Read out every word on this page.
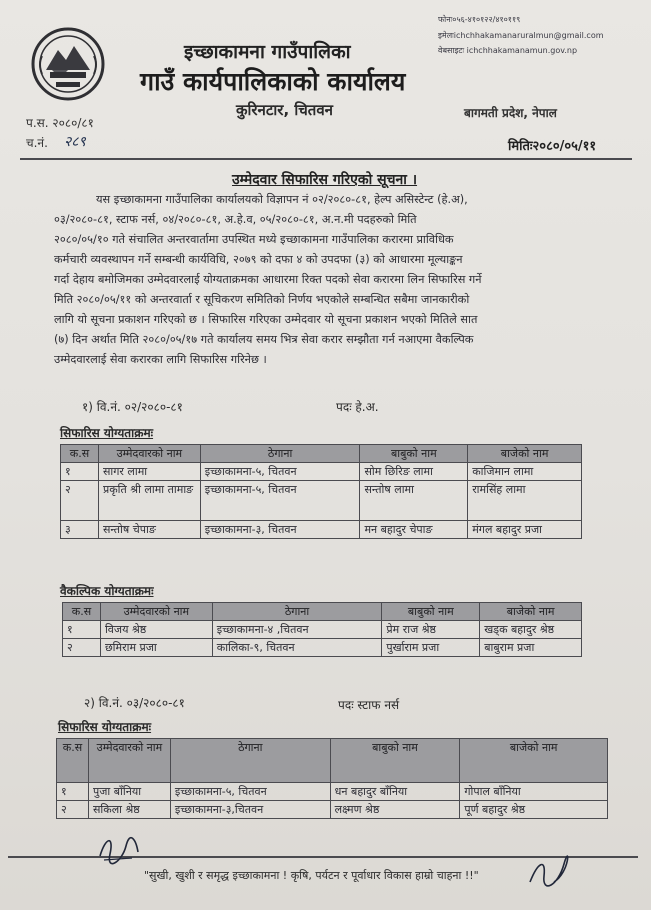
फोनः०५६-४१०१२२/४१०११९
इमेलःichchhakamanaruralmun@gmail.com
वेबसाइटः ichchhakamanamun.gov.np
इच्छाकामना गाउँपालिका
गाउँ कार्यपालिकाको कार्यालय
कुरिनटार, चितवन	बागमती प्रदेश, नेपाल
प.स. २०८०/८१
च.नं. २८९	मितिः२०८०/०५/११
उम्मेदवार सिफारिस गरिएको सूचना ।
यस इच्छाकामना गाउँपालिका कार्यालयको विज्ञापन नं ०२/२०८०-८१, हेल्प असिस्टेन्ट (हे.अ),
०३/२०८०-८१, स्टाफ नर्स, ०४/२०८०-८१, अ.हे.व, ०५/२०८०-८१, अ.न.मी पदहरुको मिति
२०८०/०५/१० गते संचालित अन्तरवार्तामा उपस्थित मध्ये इच्छाकामना गाउँपालिका करारमा प्राविधिक
कर्मचारी व्यवस्थापन गर्ने सम्बन्धी कार्यविधि, २०७९ को दफा ४ को उपदफा (३) को आधारमा मूल्याङ्कन
गर्दा देहाय बमोजिमका उम्मेदवारलाई योग्यताक्रमका आधारमा रिक्त पदको सेवा करारमा लिन सिफारिस गर्ने
मिति २०८०/०५/११ को अन्तरवार्ता र सूचिकरण समितिको निर्णय भएकोले सम्बन्धित सबैमा जानकारीको
लागि यो सूचना प्रकाशन गरिएको छ । सिफारिस गरिएका उम्मेदवार यो सूचना प्रकाशन भएको मितिले सात
(७) दिन अर्थात मिति २०८०/०५/१७ गते कार्यालय समय भित्र सेवा करार सम्झौता गर्न नआएमा वैकल्पिक
उम्मेदवारलाई सेवा करारका लागि सिफारिस गरिनेछ ।
१) वि.नं. ०२/२०८०-८१	पदः हे.अ.
सिफारिस योग्यताक्रमः
क.स	उम्मेदवारको नाम	ठेगाना	बाबुको नाम	बाजेको नाम
१	सागर लामा	इच्छाकामना-५, चितवन	सोम छिरिङ लामा	काजिमान लामा
२	प्रकृति श्री लामा तामाङ	इच्छाकामना-५, चितवन	सन्तोष लामा	रामसिंह लामा
३	सन्तोष चेपाङ	इच्छाकामना-३, चितवन	मन बहादुर चेपाङ	मंगल बहादुर प्रजा
वैकल्पिक योग्यताक्रमः
क.स	उम्मेदवारको नाम	ठेगाना	बाबुको नाम	बाजेको नाम
१	विजय श्रेष्ठ	इच्छाकामना-४ ,चितवन	प्रेम राज श्रेष्ठ	खड्क बहादुर श्रेष्ठ
२	छमिराम प्रजा	कालिका-९, चितवन	पुर्खाराम प्रजा	बाबुराम प्रजा
२) वि.नं. ०३/२०८०-८१	पदः स्टाफ नर्स
सिफारिस योग्यताक्रमः
क.स	उम्मेदवारको नाम	ठेगाना	बाबुको नाम	बाजेको नाम
१	पुजा बाँनिया	इच्छाकामना-५, चितवन	धन बहादुर बाँनिया	गोपाल बाँनिया
२	सकिला श्रेष्ठ	इच्छाकामना-३,चितवन	लक्ष्मण श्रेष्ठ	पूर्ण बहादुर श्रेष्ठ
"सुखी, खुशी र समृद्ध इच्छाकामना ! कृषि, पर्यटन र पूर्वाधार विकास हाम्रो चाहना !!"
